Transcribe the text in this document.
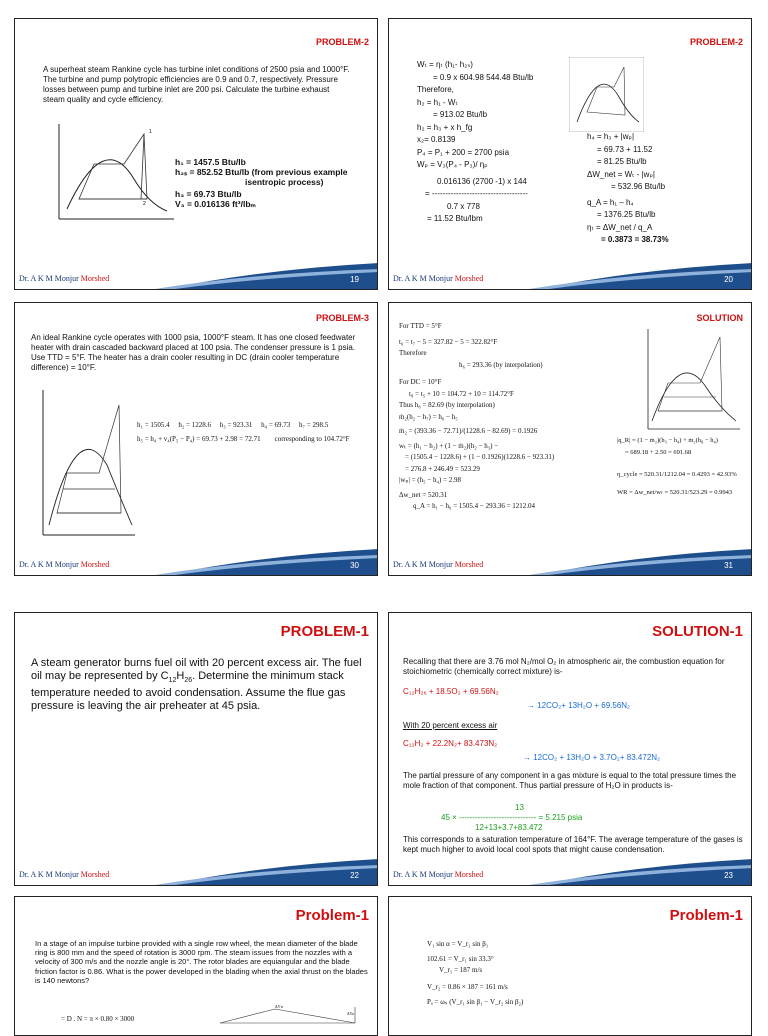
PROBLEM-2
A superheat steam Rankine cycle has turbine inlet conditions of 2500 psia and 1000°F. The turbine and pump polytropic efficiencies are 0.9 and 0.7, respectively. Pressure losses between pump and turbine inlet are 200 psi. Calculate the turbine exhaust steam quality and cycle efficiency.
1
2
h₁ = 1457.5 Btu/lb
h₂ₛ = 852.52 Btu/lb (from previous example
isentropic process)
h₃ = 69.73 Btu/lb
V₃ = 0.016136 ft³/lbₘ
Dr. A K M Monjur Morshed	19
PROBLEM-2
Wₜ = ηₜ (h₁- h₂ₛ)
= 0.9 x 604.98 544.48 Btu/lb
Therefore,
h₂ = h₁ - Wₜ
= 913.02 Btu/lb
h₂ = h₃ + x h_fg
x₂= 0.8139
P₄ = P₁ + 200 = 2700 psia
Wₚ = V₃(P₄ - P₃)/ ηₚ
0.016136 (2700 -1) x 144
= ------------------------------------
0.7 x 778
= 11.52 Btu/lbm
h₄ = h₃ + |wₚ|
= 69.73 + 11.52
= 81.25 Btu/lb
ΔW_net = Wₜ - |wₚ|
= 532.96 Btu/lb
q_A = h₁ – h₄
= 1376.25 Btu/lb
ηₜ = ΔW_net / q_A
= 0.3873 = 38.73%
Dr. A K M Monjur Morshed	20
PROBLEM-3
An ideal Rankine cycle operates with 1000 psia, 1000°F steam. It has one closed feedwater heater with drain cascaded backward placed at 100 psia. The condenser pressure is 1 psia. Use TTD = 5°F. The heater has a drain cooler resulting in DC (drain cooler temperature difference) = 10°F.
h₁ = 1505.4     h₂ = 1228.6     h₃ = 923.31     h₄ = 69.73     h₇ = 298.5
h₅ = h₄ + v₄(P₅ − P₄) = 69.73 + 2.98 = 72.71        corresponding to 104.72°F
Dr. A K M Monjur Morshed	30
SOLUTION
For TTD = 5°F
t₆ = t₇ − 5 = 327.82 − 5 = 322.82°F
Therefore
h₆ = 293.36 (by interpolation)
For DC = 10°F
t₈ = t₅ + 10 = 104.72 + 10 = 114.72°F
Thus h₈ = 82.69 (by interpolation)
ṁ₂(h₂ − h₇) = h₆ − h₅
ṁ₂ = (393.36 − 72.71)/(1228.6 − 82.69) = 0.1926
wₜ = (h₁ − h₂) + (1 − ṁ₂)(h₂ − h₃) −
= (1505.4 − 1228.6) + (1 − 0.1926)(1228.6 − 923.31)
= 276.8 + 246.49 = 523.29
|wₚ| = (h₅ − h₄) = 2.98
Δw_net = 520.31
q_A = h₁ − h₆ = 1505.4 − 293.36 = 1212.04
|q_R| = (1 − ṁ₂)(h₃ − h₄) + ṁ₂(h₈ − h₄)
= 689.18 + 2.50 = 691.68
η_cycle = 520.31/1212.04 = 0.4293 = 42.93%
WR = Δw_net/wₜ = 520.31/523.29 = 0.9943
Dr. A K M Monjur Morshed	31
PROBLEM-1
A steam generator burns fuel oil with 20 percent excess air. The fuel oil may be represented by $C_{12}H_{26}$. Determine the minimum stack temperature needed to avoid condensation. Assume the flue gas pressure is leaving the air preheater at 45 psia.
Dr. A K M Monjur Morshed	22
SOLUTION-1
Recalling that there are 3.76 mol N₂/mol O₂ in atmospheric air, the combustion equation for stoichiometric (chemically correct mixture) is-
C₁₂H₂₆ + 18.5O₂ + 69.56N₂
→ 12CO₂+ 13H₂O + 69.56N₂
With 20 percent excess air
C₁₂H₂ + 22.2N₂+ 83.473N₂
→ 12CO₂ + 13H₂O + 3.7O₂+ 83.472N₂
The partial pressure of any component in a gas mixture is equal to the total pressure times the mole fraction of that component. Thus partial pressure of H₂O in products is-
13
45 × ----------------------------- = 5.215 psia
12+13+3.7+83.472
This corresponds to a saturation temperature of 164°F. The average temperature of the gases is kept much higher to avoid local cool spots that might cause condensation.
Dr. A K M Monjur Morshed	23
Problem-1
In a stage of an impulse turbine provided with a single row wheel, the mean diameter of the blade ring is 800 mm and the speed of rotation is 3000 rpm. The steam issues from the nozzles with a velocity of 300 m/s and the nozzle angle is 20°. The rotor blades are equiangular and the blade friction factor is 0.86. What is the power developed in the blading when the axial thrust on the blades is 140 newtons?
= D . N = π × 0.80 × 3000
ΔVw
ΔVa
Problem-1
V₁ sin α = V_r₁ sin β₁
102.61 = V_r₁ sin 33.3°
V_r₁ = 187 m/s
V_r₂ = 0.86 × 187 = 161 m/s
Pₐ = ωₛ (V_r₁ sin β₁ − V_r₂ sin β₂)
